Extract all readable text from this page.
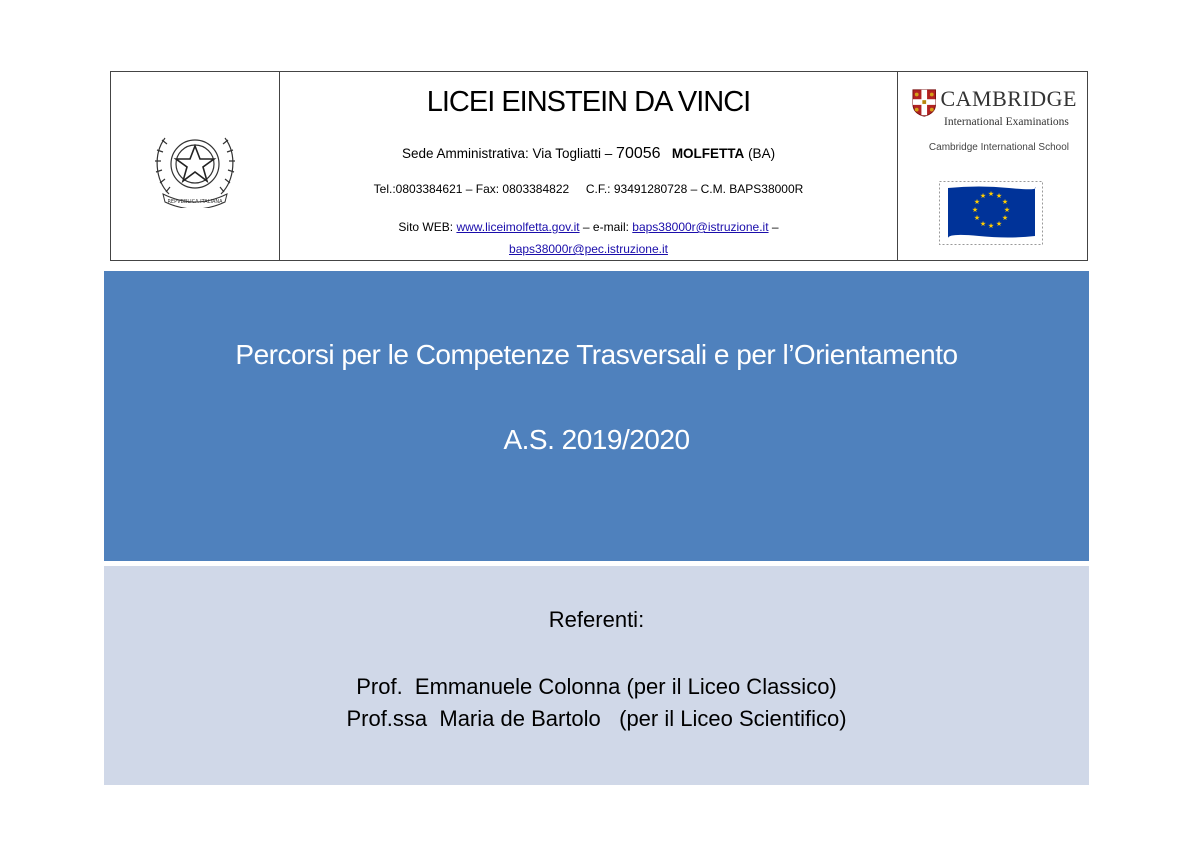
REPVBBLICA ITALIANA
LICEI EINSTEIN DA VINCI
Sede Amministrativa: Via Togliatti – 70056 MOLFETTA (BA)
Tel.:0803384621 – Fax: 0803384822     C.F.: 93491280728 – C.M. BAPS38000R
Sito WEB: www.liceimolfetta.gov.it – e-mail: baps38000r@istruzione.it –
baps38000r@pec.istruzione.it
CAMBRIDGE
International Examinations
Cambridge International School
★ ★
★
★
★
★
★
★
★
★
★
★
Percorsi per le Competenze Trasversali e per l’Orientamento
A.S. 2019/2020
Referenti:
Prof.  Emmanuele Colonna (per il Liceo Classico)
Prof.ssa  Maria de Bartolo   (per il Liceo Scientifico)
